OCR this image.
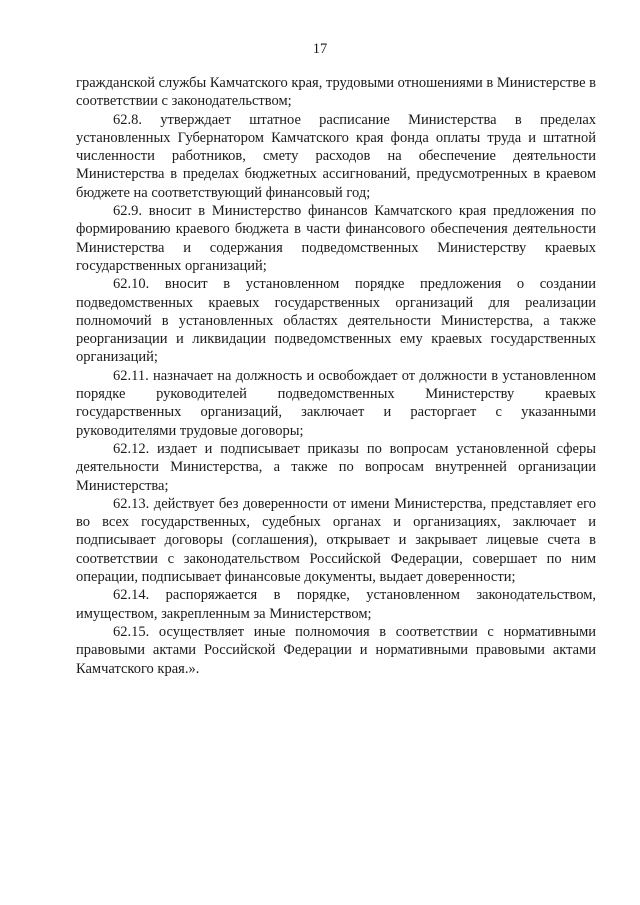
17

гражданской службы Камчатского края, трудовыми отношениями в Министерстве в соответствии с законодательством;

62.8. утверждает штатное расписание Министерства в пределах установленных Губернатором Камчатского края фонда оплаты труда и штатной численности работников, смету расходов на обеспечение деятельности Министерства в пределах бюджетных ассигнований, предусмотренных в краевом бюджете на соответствующий финансовый год;

62.9. вносит в Министерство финансов Камчатского края предложения по формированию краевого бюджета в части финансового обеспечения деятельности Министерства и содержания подведомственных Министерству краевых государственных организаций;

62.10. вносит в установленном порядке предложения о создании подведомственных краевых государственных организаций для реализации полномочий в установленных областях деятельности Министерства, а также реорганизации и ликвидации подведомственных ему краевых государственных организаций;

62.11. назначает на должность и освобождает от должности в установленном порядке руководителей подведомственных Министерству краевых государственных организаций, заключает и расторгает с указанными руководителями трудовые договоры;

62.12. издает и подписывает приказы по вопросам установленной сферы деятельности Министерства, а также по вопросам внутренней организации Министерства;

62.13. действует без доверенности от имени Министерства, представляет его во всех государственных, судебных органах и организациях, заключает и подписывает договоры (соглашения), открывает и закрывает лицевые счета в соответствии с законодательством Российской Федерации, совершает по ним операции, подписывает финансовые документы, выдает доверенности;

62.14. распоряжается в порядке, установленном законодательством, имуществом, закрепленным за Министерством;

62.15. осуществляет иные полномочия в соответствии с нормативными правовыми актами Российской Федерации и нормативными правовыми актами Камчатского края.».
